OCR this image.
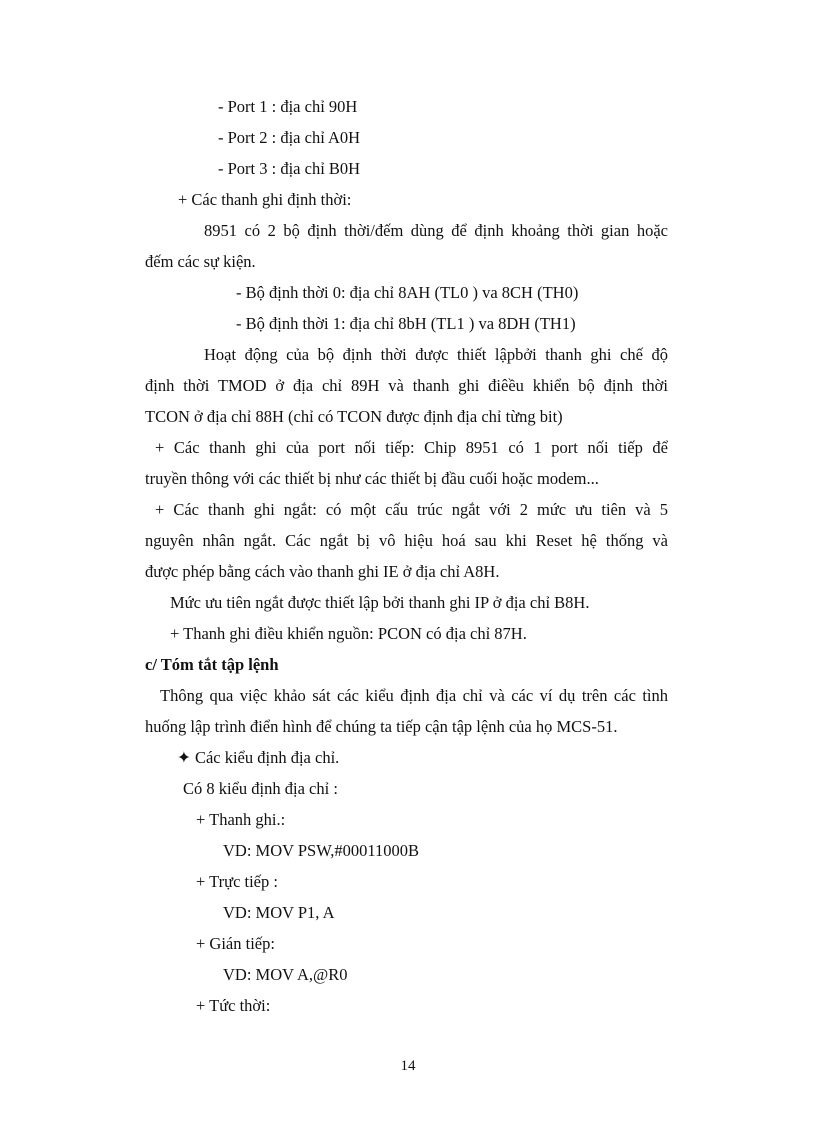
- Port 1 : địa chỉ 90H
- Port 2 : địa chỉ A0H
- Port 3 : địa chỉ B0H
+ Các thanh ghi định thời:
8951 có 2 bộ định thời/đếm dùng để định khoảng thời gian hoặc
đếm các sự kiện.
- Bộ định thời 0: địa chỉ 8AH (TL0 ) va 8CH (TH0)
- Bộ định thời 1: địa chỉ 8bH (TL1 ) va 8DH (TH1)
Hoạt động của bộ định thời được thiết lậpbởi thanh ghi chế độ
định thời TMOD ở địa chỉ 89H và thanh ghi điêều khiển bộ định thời
TCON ở địa chỉ 88H (chỉ có TCON được định địa chỉ từng bit)
+ Các thanh ghi của port nối tiếp: Chip 8951 có 1 port nối tiếp để
truyền thông với các thiết bị như các thiết bị đầu cuối hoặc modem...
+ Các thanh ghi ngắt: có một cấu trúc ngắt với 2 mức ưu tiên và 5
nguyên nhân ngắt. Các ngắt bị vô hiệu hoá sau khi Reset hệ thống và
được phép bằng cách vào thanh ghi IE ở địa chỉ A8H.
Mức ưu tiên ngắt được thiết lập bởi thanh ghi IP ở địa chỉ B8H.
+ Thanh ghi điều khiển nguồn: PCON có địa chỉ 87H.
c/ Tóm tắt tập lệnh
Thông qua việc khảo sát các kiểu định địa chỉ và các ví dụ trên các tình
huống lập trình điển hình để chúng ta tiếp cận tập lệnh của họ MCS-51.
✦ Các kiểu định địa chỉ.
Có 8 kiểu định địa chỉ :
+ Thanh ghi.:
VD: MOV PSW,#00011000B
+ Trực tiếp :
VD: MOV P1, A
+ Gián tiếp:
VD: MOV A,@R0
+ Tức thời:
14
